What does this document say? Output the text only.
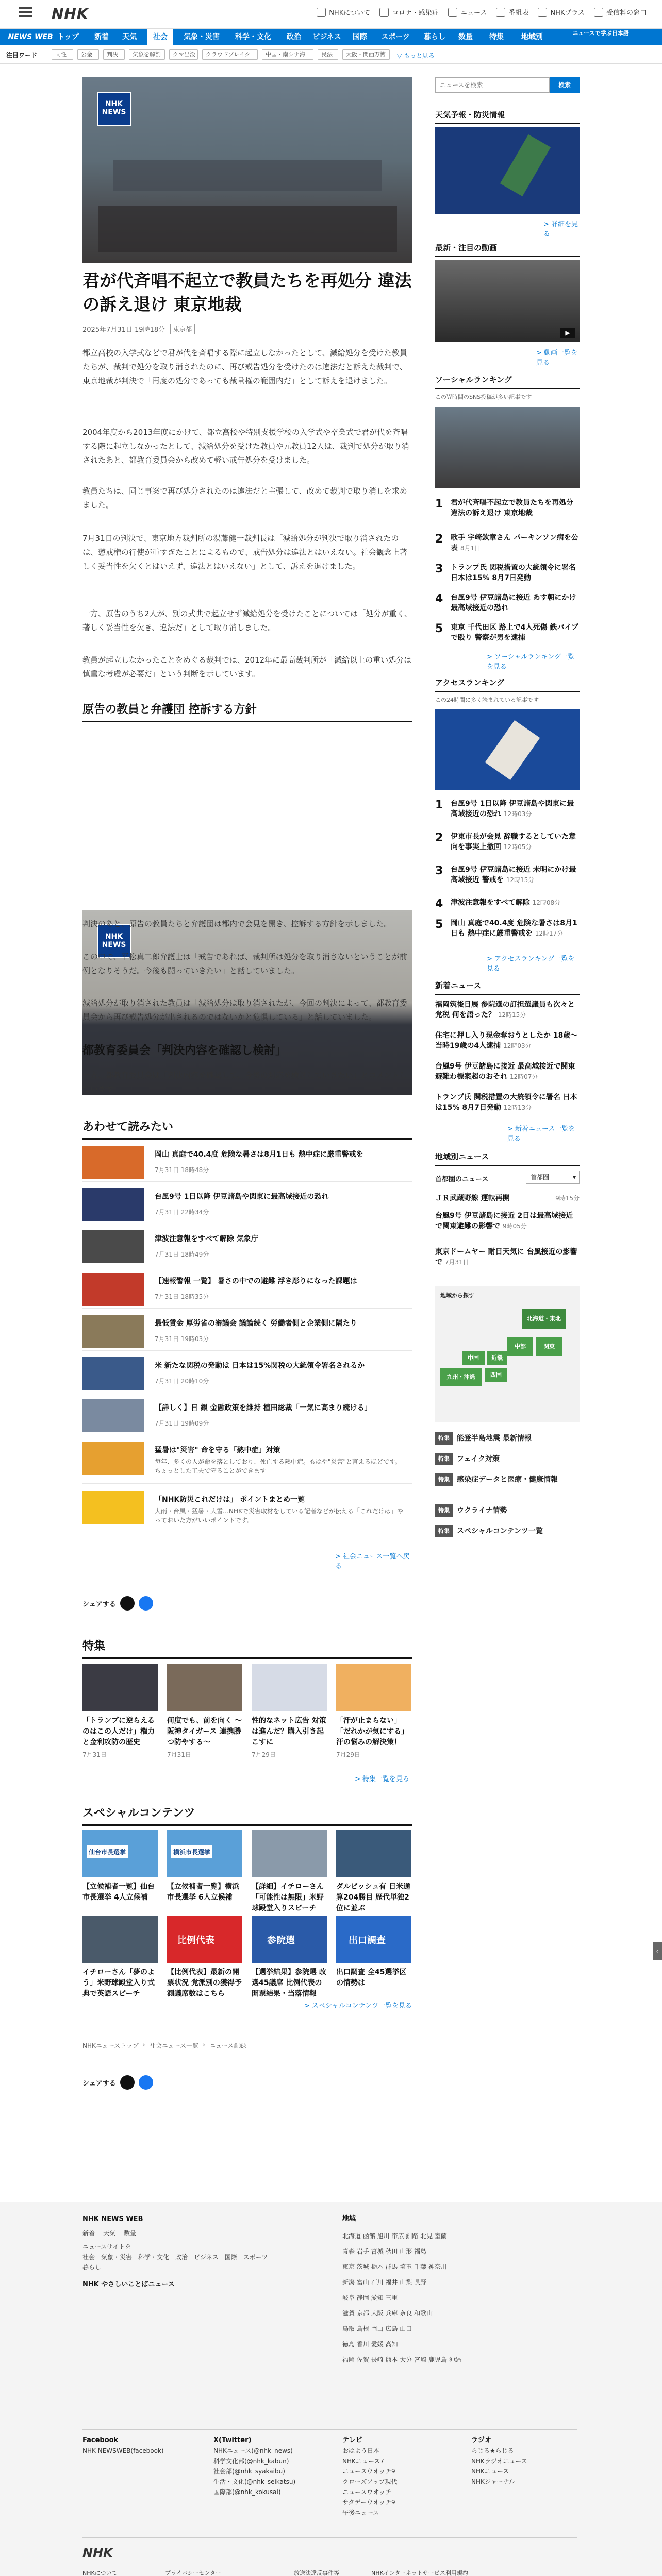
NHK	NHKについて	コロナ・感染症	ニュース	番組表	NHKプラス	受信料の窓口
NEWS WEB トップ	新着	天気	社会	気象・災害	科学・文化	政治	ビジネス	国際	スポーツ	暮らし	数量	特集	地域別	ニュースで学ぶ日本語
注目ワード	同性	公金	判決	気象を解剖	クマ出没	クラウドブレイク	中国・南シナ海	民法	大阪・関西万博	▽ もっと見る
NHK
NEWS
君が代斉唱不起立で教員たちを再処分 違法の訴え退け 東京地裁
2025年7月31日 19時18分	東京都

都立高校の入学式などで君が代を斉唱する際に起立しなかったとして、減給処分を受けた教員たちが、裁判で処分を取り消されたのに、再び戒告処分を受けたのは違法だと訴えた裁判で、東京地裁が判決で「再度の処分であっても裁量権の範囲内だ」として訴えを退けました。

2004年度から2013年度にかけて、都立高校や特別支援学校の入学式や卒業式で君が代を斉唱する際に起立しなかったとして、減給処分を受けた教員や元教員12人は、裁判で処分が取り消されたあと、都教育委員会から改めて軽い戒告処分を受けました。

教員たちは、同じ事案で再び処分されたのは違法だと主張して、改めて裁判で取り消しを求めました。

7月31日の判決で、東京地方裁判所の湯藤健一裁判長は「減給処分が判決で取り消されたのは、懲戒権の行使が重すぎたことによるもので、戒告処分は違法とはいえない。社会観念上著しく妥当性を欠くとはいえず、違法とはいえない」として、訴えを退けました。

一方、原告のうち2人が、別の式典で起立せず減給処分を受けたことについては「処分が重く、著しく妥当性を欠き、違法だ」として取り消しました。

教員が起立しなかったことをめぐる裁判では、2012年に最高裁判所が「減給以上の重い処分は慎重な考慮が必要だ」という判断を示しています。

原告の教員と弁護団 控訴する方針
NHK
NEWS

判決のあと、原告の教員たちと弁護団は都内で会見を開き、控訴する方針を示しました。

この中で、平松真二郎弁護士は「戒告であれば、裁判所は処分を取り消さないということが前例となりそうだ。今後も闘っていきたい」と話していました。

減給処分が取り消された教員は「減給処分は取り消されたが、今回の判決によって、都教育委員会から再び戒告処分が出されるのではないかと危惧している」と話していました。

都教育委員会「判決内容を確認し検討」

一方、都教育委員会は「判決内容を確認して、今後の対応を検討していきたい」とコメントしています。

あわせて読みたい
岡山 真庭で40.4度 危険な暑さは8月1日も 熱中症に厳重警戒を
7月31日 18時48分
台風9号 1日以降 伊豆諸島や関東に最高域接近の恐れ
7月31日 22時34分
津波注意報をすべて解除 気象庁
7月31日 18時49分
【速報警報 一覧】 暑さの中での避難 浮き彫りになった課題は
7月31日 18時35分
最低賃金 厚労省の審議会 議論続く 労働者側と企業側に隔たり
7月31日 19時03分
米 新たな関税の発動は 日本は15%関税の大統領令署名されるか
7月31日 20時10分
【詳しく】日 銀 金融政策を維持 植田総裁「一気に高まり続ける」
7月31日 19時09分
猛暑は"災害" 命を守る「熱中症」対策
毎年、多くの人が命を落としており、死亡する熱中症。もはや"災害"と言えるほどです。ちょっとした工夫で守ることができます
「NHK防災これだけは」 ポイントまとめ一覧
大雨・台風・猛暑・大雪…NHKで災害取材をしている記者などが伝える「これだけは」やっておいた方がいいポイントです。
> 社会ニュース一覧へ戻る
シェアする
特集
「トランプに逆らえるのはこの人だけ」権力と金利攻防の歴史
7月31日
何度でも、前を向く ～阪神タイガース 連携勝つ防やする～
7月31日
性的なネット広告 対策は進んだ？購入引き起こすに
7月29日
「汗が止まらない」「だれかが気にする」汗の悩みの解決策！
7月29日
> 特集一覧を見る
スペシャルコンテンツ
仙台市長選挙
【立候補者一覧】仙台市長選挙 4人立候補
横浜市長選挙
【立候補者一覧】横浜市長選挙 6人立候補
【詳細】イチローさん「可能性は無限」米野球殿堂入りスピーチ
ダルビッシュ有 日米通算204勝目 歴代単独2位に並ぶ
イチローさん「夢のよう」米野球殿堂入り式典で英語スピーチ
比例代表
【比例代表】最新の開票状況 党派別の獲得予測議席数はこちら
参院選
【選挙結果】参院選 改選45議席 比例代表の開票結果・当落情報
出口調査
出口調査 全45選挙区の情勢は
> スペシャルコンテンツ一覧を見る
NHKニューストップ › 社会ニュース一覧 › ニュース記録
シェアする
ニュースを検索
検索
天気予報・防災情報
> 詳細を見る
最新・注目の動画
▶
> 動画一覧を見る
ソーシャルランキング
このＷ時間のSNS投稿が多い記事です
1 君が代斉唱不起立で教員たちを再処分 違法の訴え退け 東京地裁
2 歌手 宇崎欽章さん パーキンソン病を公表 8月1日
3 トランプ氏 関税措置の大統領令に署名 日本は15% 8月7日発動
4 台風9号 伊豆諸島に接近 あす朝にかけ最高域接近の恐れ
5 東京 千代田区 路上で4人死傷 鉄パイプで殴り 警察が男を逮捕
> ソーシャルランキング一覧を見る
アクセスランキング
この24時間に多く読まれている記事です
1 台風9号 1日以降 伊豆諸島や関東に最高域接近の恐れ 12時03分
2 伊東市長が会見 辞職するとしていた意向を事実上撤回 12時05分
3 台風9号 伊豆諸島に接近 未明にかけ最高域接近 警戒を 12時15分
4 津波注意報をすべて解除 12時08分
5 岡山 真庭で40.4度 危険な暑さは8月1日も 熱中症に厳重警戒を 12時17分
> アクセスランキング一覧を見る
新着ニュース
福岡筑後日展 参院選の訂担選議員も次々と党税 何を語った？ 12時15分
住宅に押し入り現金奪おうとしたか 18歳～当時19歳の4人逮捕 12時03分
台風9号 伊豆諸島に接近 最高域接近で関東避難わ標案超のおそれ 12時07分
トランプ氏 関税措置の大統領令に署名 日本は15% 8月7日発動 12時13分
> 新着ニュース一覧を見る
地域別ニュース
首都圏のニュース	首都圏	▾
ＪＲ武蔵野線 運転再開	9時15分
台風9号 伊豆諸島に接近 2日は最高域接近で関東避難の影響で 9時05分
東京ドームヤー 耐日天気に 台風接近の影響で 7月31日
地域から探す
北海道・東北
関東
中部
近畿
中国
九州・沖縄	四国
特集 能登半島地震 最新情報
特集 フェイク対策
特集 感染症データと医療・健康情報
特集 ウクライナ情勢
特集 スペシャルコンテンツ一覧
‹
NHK NEWS WEB
新着 天気 数量
ニュースサイトを
社会 気象・災害 科学・文化 政治 ビジネス 国際 スポーツ
暮らし
NHK やさしいことばニュース
地域
北海道 函館 旭川 帯広 釧路 北見 室蘭
青森 岩手 宮城 秋田 山形 福島
東京 茨城 栃木 群馬 埼玉 千葉 神奈川
新潟 富山 石川 福井 山梨 長野
岐阜 静岡 愛知 三重
滋賀 京都 大阪 兵庫 奈良 和歌山
鳥取 島根 岡山 広島 山口
徳島 香川 愛媛 高知
福岡 佐賀 長崎 熊本 大分 宮崎 鹿児島 沖縄
Facebook
NHK NEWSWEB(facebook)
X(Twitter)
NHKニュース(@nhk_news)
科学文化部(@nhk_kabun)
社会部(@nhk_syakaibu)
生活・文化(@nhk_seikatsu)
国際部(@nhk_kokusai)
テレビ
おはよう日本
NHKニュース7
ニュースウオッチ9
クローズアップ現代
ニュースウオッチ
サタデーウオッチ9
午後ニュース
ラジオ
らじる★らじる
NHKラジオニュース
NHKニュース
NHKジャーナル
NHK
NHKについて	プライバシーセンター	放送法違反事件等	NHKインターネットサービス利用規約
